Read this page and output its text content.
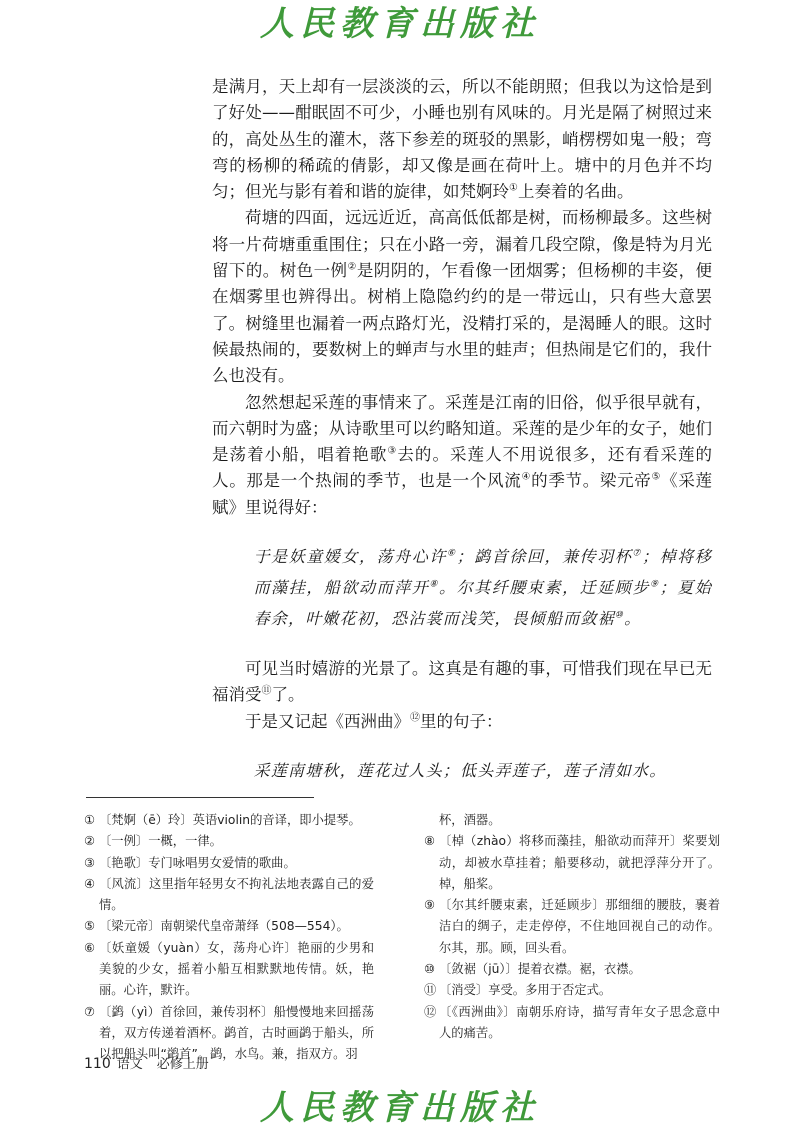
人民教育出版社

是满月，天上却有一层淡淡的云，所以不能朗照；但我以为这恰是到了好处——酣眠固不可少，小睡也别有风味的。月光是隔了树照过来的，高处丛生的灌木，落下参差的斑驳的黑影，峭楞楞如鬼一般；弯弯的杨柳的稀疏的倩影，却又像是画在荷叶上。塘中的月色并不均匀；但光与影有着和谐的旋律，如梵婀玲①上奏着的名曲。

荷塘的四面，远远近近，高高低低都是树，而杨柳最多。这些树将一片荷塘重重围住；只在小路一旁，漏着几段空隙，像是特为月光留下的。树色一例②是阴阴的，乍看像一团烟雾；但杨柳的丰姿，便在烟雾里也辨得出。树梢上隐隐约约的是一带远山，只有些大意罢了。树缝里也漏着一两点路灯光，没精打采的，是渴睡人的眼。这时候最热闹的，要数树上的蝉声与水里的蛙声；但热闹是它们的，我什么也没有。

忽然想起采莲的事情来了。采莲是江南的旧俗，似乎很早就有，而六朝时为盛；从诗歌里可以约略知道。采莲的是少年的女子，她们是荡着小船，唱着艳歌③去的。采莲人不用说很多，还有看采莲的人。那是一个热闹的季节，也是一个风流④的季节。梁元帝⑤《采莲赋》里说得好：

于是妖童媛女，荡舟心许⑥；鹢首徐回，兼传羽杯⑦；棹将移而藻挂，船欲动而萍开⑧。尔其纤腰束素，迁延顾步⑨；夏始春余，叶嫩花初，恐沾裳而浅笑，畏倾船而敛裾⑩。

可见当时嬉游的光景了。这真是有趣的事，可惜我们现在早已无福消受⑪了。

于是又记起《西洲曲》⑫里的句子：

采莲南塘秋，莲花过人头；低头弄莲子，莲子清如水。
① 〔梵婀（ē）玲〕英语violin的音译，即小提琴。
② 〔一例〕一概，一律。
③ 〔艳歌〕专门咏唱男女爱情的歌曲。
④ 〔风流〕这里指年轻男女不拘礼法地表露自己的爱情。
⑤ 〔梁元帝〕南朝梁代皇帝萧绎（508—554）。
⑥ 〔妖童媛（yuàn）女，荡舟心许〕艳丽的少男和美貌的少女，摇着小船互相默默地传情。妖，艳丽。心许，默许。
⑦ 〔鹢（yì）首徐回，兼传羽杯〕船慢慢地来回摇荡着，双方传递着酒杯。鹢首，古时画鹢于船头，所以把船头叫“鹢首”。鹢，水鸟。兼，指双方。羽
杯，酒器。
⑧ 〔棹（zhào）将移而藻挂，船欲动而萍开〕桨要划动，却被水草挂着；船要移动，就把浮萍分开了。棹，船桨。
⑨ 〔尔其纤腰束素，迁延顾步〕那细细的腰肢，裹着洁白的绸子，走走停停，不住地回视自己的动作。尔其，那。顾，回头看。
⑩ 〔敛裾（jū）〕提着衣襟。裾，衣襟。
⑪ 〔消受〕享受。多用于否定式。
⑫ 〔《西洲曲》〕南朝乐府诗，描写青年女子思念意中人的痛苦。
110 语文 必修上册
人民教育出版社
